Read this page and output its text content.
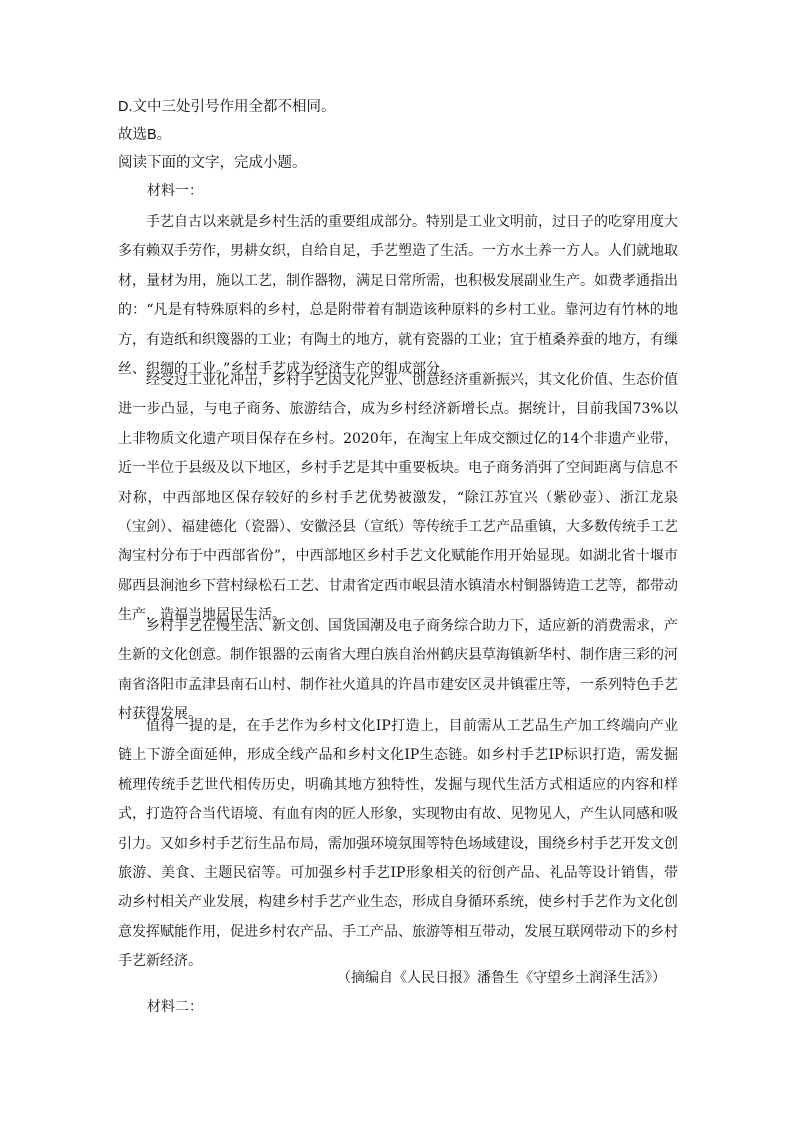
D.文中三处引号作用全都不相同。
故选B。
阅读下面的文字，完成小题。
材料一：
手艺自古以来就是乡村生活的重要组成部分。特别是工业文明前，过日子的吃穿用度大多有赖双手劳作，男耕女织，自给自足，手艺塑造了生活。一方水土养一方人。人们就地取材，量材为用，施以工艺，制作器物，满足日常所需，也积极发展副业生产。如费孝通指出的：“凡是有特殊原料的乡村，总是附带着有制造该种原料的乡村工业。靠河边有竹林的地方，有造纸和织篾器的工业；有陶土的地方，就有瓷器的工业；宜于植桑养蚕的地方，有缫丝、织绸的工业。”乡村手艺成为经济生产的组成部分。
经受过工业化冲击，乡村手艺因文化产业、创意经济重新振兴，其文化价值、生态价值进一步凸显，与电子商务、旅游结合，成为乡村经济新增长点。据统计，目前我国73%以上非物质文化遗产项目保存在乡村。2020年，在淘宝上年成交额过亿的14个非遗产业带，近一半位于县级及以下地区，乡村手艺是其中重要板块。电子商务消弭了空间距离与信息不对称，中西部地区保存较好的乡村手艺优势被激发，“除江苏宜兴（紫砂壶）、浙江龙泉（宝剑）、福建德化（瓷器）、安徽泾县（宣纸）等传统手工艺产品重镇，大多数传统手工艺淘宝村分布于中西部省份”，中西部地区乡村手艺文化赋能作用开始显现。如湖北省十堰市郧西县涧池乡下营村绿松石工艺、甘肃省定西市岷县清水镇清水村铜器铸造工艺等，都带动生产，造福当地居民生活。
乡村手艺在慢生活、新文创、国货国潮及电子商务综合助力下，适应新的消费需求，产生新的文化创意。制作银器的云南省大理白族自治州鹤庆县草海镇新华村、制作唐三彩的河南省洛阳市孟津县南石山村、制作社火道具的许昌市建安区灵井镇霍庄等，一系列特色手艺村获得发展。
值得一提的是，在手艺作为乡村文化IP打造上，目前需从工艺品生产加工终端向产业链上下游全面延伸，形成全线产品和乡村文化IP生态链。如乡村手艺IP标识打造，需发掘梳理传统手艺世代相传历史，明确其地方独特性，发掘与现代生活方式相适应的内容和样式，打造符合当代语境、有血有肉的匠人形象，实现物由有故、见物见人，产生认同感和吸引力。又如乡村手艺衍生品布局，需加强环境氛围等特色场域建设，围绕乡村手艺开发文创旅游、美食、主题民宿等。可加强乡村手艺IP形象相关的衍创产品、礼品等设计销售，带动乡村相关产业发展，构建乡村手艺产业生态，形成自身循环系统，使乡村手艺作为文化创意发挥赋能作用，促进乡村农产品、手工产品、旅游等相互带动，发展互联网带动下的乡村手艺新经济。
（摘编自《人民日报》潘鲁生《守望乡土润泽生活》）
材料二：
